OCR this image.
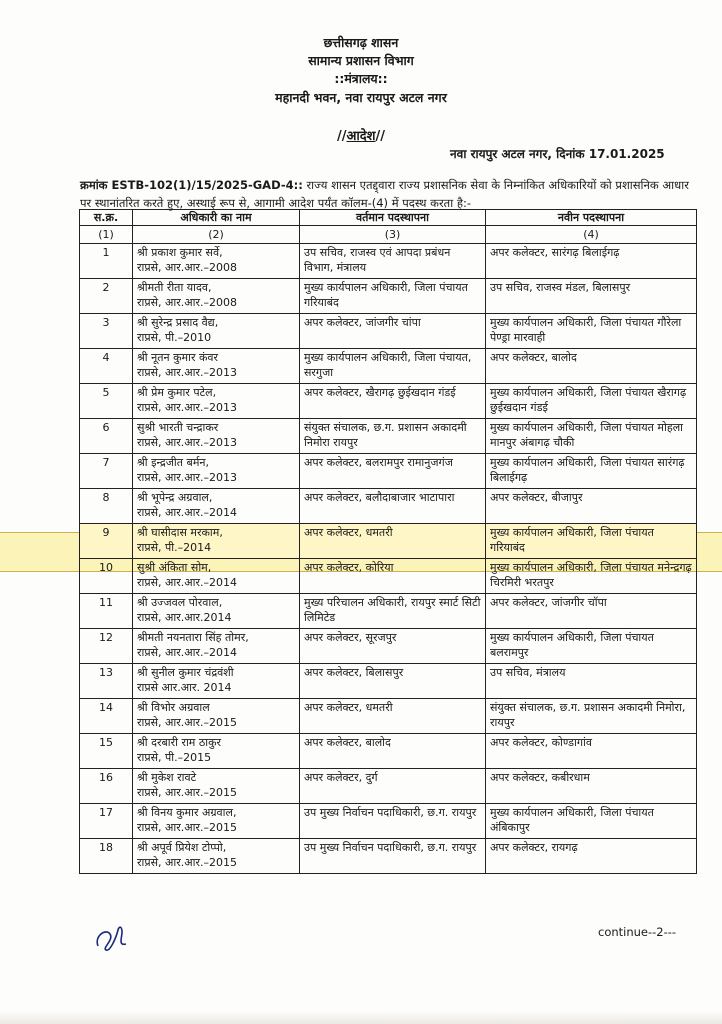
छत्तीसगढ़ शासन
सामान्य प्रशासन विभाग
::मंत्रालय::
महानदी भवन, नवा रायपुर अटल नगर
//आदेश//
नवा रायपुर अटल नगर, दिनांक 17.01.2025
क्रमांक ESTB-102(1)/15/2025-GAD-4:: राज्य शासन एतद्द्वारा राज्य प्रशासनिक सेवा के निम्नांकित अधिकारियों को प्रशासनिक आधार पर स्थानांतरित करते हुए, अस्थाई रूप से, आगामी आदेश पर्यंत कॉलम-(4) में पदस्थ करता है:-
स.क्र.	अधिकारी का नाम	वर्तमान पदस्थापना	नवीन पदस्थापना
(1)	(2)	(3)	(4)

1	श्री प्रकाश कुमार सर्वे,
राप्रसे, आर.आर.–2008	उप सचिव, राजस्व एवं आपदा प्रबंधन विभाग, मंत्रालय	अपर कलेक्टर, सारंगढ़ बिलाईगढ़

2	श्रीमती रीता यादव,
राप्रसे, आर.आर.–2008	मुख्य कार्यपालन अधिकारी, जिला पंचायत गरियाबंद	उप सचिव, राजस्व मंडल, बिलासपुर

3	श्री सुरेन्द्र प्रसाद वैद्य,
राप्रसे, पी.–2010	अपर कलेक्टर, जांजगीर चांपा	मुख्य कार्यपालन अधिकारी, जिला पंचायत गौरेला पेण्ड्रा मारवाही

4	श्री नूतन कुमार कंवर
राप्रसे, आर.आर.–2013	मुख्य कार्यपालन अधिकारी, जिला पंचायत, सरगुजा	अपर कलेक्टर, बालोद

5	श्री प्रेम कुमार पटेल,
राप्रसे, आर.आर.–2013	अपर कलेक्टर, खैरागढ़ छुईखदान गंडई	मुख्य कार्यपालन अधिकारी, जिला पंचायत खैरागढ़ छुईखदान गंडई

6	सुश्री भारती चन्द्राकर
राप्रसे, आर.आर.–2013	संयुक्त संचालक, छ.ग. प्रशासन अकादमी निमोरा रायपुर	मुख्य कार्यपालन अधिकारी, जिला पंचायत मोहला मानपुर अंबागढ़ चौकी

7	श्री इन्द्रजीत बर्मन,
राप्रसे, आर.आर.–2013	अपर कलेक्टर, बलरामपुर रामानुजगंज	मुख्य कार्यपालन अधिकारी, जिला पंचायत सारंगढ़ बिलाईगढ़

8	श्री भूपेन्द्र अग्रवाल,
राप्रसे, आर.आर.–2014	अपर कलेक्टर, बलौदाबाजार भाटापारा	अपर कलेक्टर, बीजापुर

9	श्री घासीदास मरकाम,
राप्रसे, पी.–2014	अपर कलेक्टर, धमतरी	मुख्य कार्यपालन अधिकारी, जिला पंचायत गरियाबंद

10	सुश्री अंकिता सोम,
राप्रसे, आर.आर.–2014	अपर कलेक्टर, कोरिया	मुख्य कार्यपालन अधिकारी, जिला पंचायत मनेन्द्रगढ़ चिरमिरी भरतपुर

11	श्री उज्जवल पोरवाल,
राप्रसे, आर.आर.2014	मुख्य परिचालन अधिकारी, रायपुर स्मार्ट सिटी लिमिटेड	अपर कलेक्टर, जांजगीर चॉपा

12	श्रीमती नयनतारा सिंह तोमर,
राप्रसे, आर.आर.–2014	अपर कलेक्टर, सूरजपुर	मुख्य कार्यपालन अधिकारी, जिला पंचायत बलरामपुर

13	श्री सुनील कुमार चंद्रवंशी
राप्रसे आर.आर. 2014	अपर कलेक्टर, बिलासपुर	उप सचिव, मंत्रालय

14	श्री विभोर अग्रवाल
राप्रसे, आर.आर.–2015	अपर कलेक्टर, धमतरी	संयुक्त संचालक, छ.ग. प्रशासन अकादमी निमोरा, रायपुर

15	श्री दरबारी राम ठाकुर
राप्रसे, पी.–2015	अपर कलेक्टर, बालोद	अपर कलेक्टर, कोण्डागांव

16	श्री मुकेश रावटे
राप्रसे, आर.आर.–2015	अपर कलेक्टर, दुर्ग	अपर कलेक्टर, कबीरधाम

17	श्री विनय कुमार अग्रवाल,
राप्रसे, आर.आर.–2015	उप मुख्य निर्वाचन पदाधिकारी, छ.ग. रायपुर	मुख्य कार्यपालन अधिकारी, जिला पंचायत अंबिकापुर

18	श्री अपूर्व प्रियेश टोप्पो,
राप्रसे, आर.आर.–2015	उप मुख्य निर्वाचन पदाधिकारी, छ.ग. रायपुर	अपर कलेक्टर, रायगढ़
continue--2---
